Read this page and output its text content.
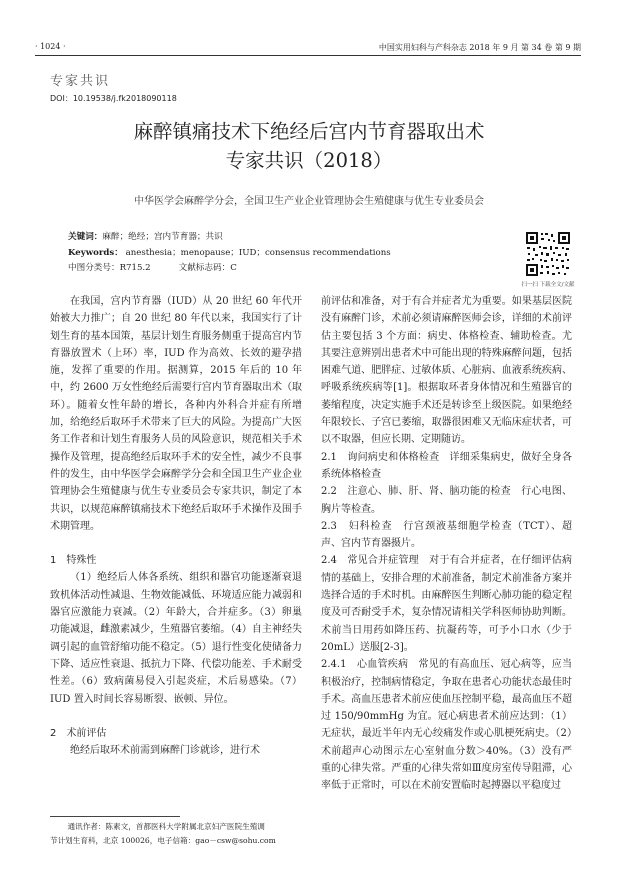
· 1024 ·	中国实用妇科与产科杂志 2018 年 9 月 第 34 卷 第 9 期
专家共识
DOI：10.19538/j.fk2018090118
麻醉镇痛技术下绝经后宫内节育器取出术
专家共识（2018）
中华医学会麻醉学分会，全国卫生产业企业管理协会生殖健康与优生专业委员会
关键词：麻醉；绝经；宫内节育器；共识
Keywords： anesthesia；menopause；IUD；consensus recommendations
中图分类号：R715.2	文献标志码：C
扫一扫 下载全文/文献

在我国，宫内节育器（IUD）从 20 世纪 60 年代开始被大力推广；自 20 世纪 80 年代以来，我国实行了计划生育的基本国策，基层计划生育服务侧重于提高宫内节育器放置术（上环）率，IUD 作为高效、长效的避孕措施，发挥了重要的作用。据测算，2015 年后的 10 年中，约 2600 万女性绝经后需要行宫内节育器取出术（取环）。随着女性年龄的增长，各种内外科合并症有所增加，给绝经后取环手术带来了巨大的风险。为提高广大医务工作者和计划生育服务人员的风险意识，规范相关手术操作及管理，提高绝经后取环手术的安全性，减少不良事件的发生，由中华医学会麻醉学分会和全国卫生产业企业管理协会生殖健康与优生专业委员会专家共识，制定了本共识，以规范麻醉镇痛技术下绝经后取环手术操作及围手术期管理。

1　特殊性

（1）绝经后人体各系统、组织和器官功能逐渐衰退致机体活动性减退、生物效能减低、环境适应能力减弱和器官应激能力衰减。（2）年龄大，合并症多。（3）卵巢功能减退，雌激素减少，生殖器官萎缩。（4）自主神经失调引起的血管舒缩功能不稳定。（5）退行性变化使储备力下降、适应性衰退、抵抗力下降、代偿功能差、手术耐受性差。（6）致病菌易侵入引起炎症，术后易感染。（7）IUD 置入时间长容易断裂、嵌顿、异位。

2　术前评估

绝经后取环术前需到麻醉门诊就诊，进行术

前评估和准备，对于有合并症者尤为重要。如果基层医院没有麻醉门诊，术前必须请麻醉医师会诊，详细的术前评估主要包括 3 个方面：病史、体格检查、辅助检查。尤其要注意辨别出患者术中可能出现的特殊麻醉问题，包括困难气道、肥胖症、过敏体质、心脏病、血液系统疾病、呼吸系统疾病等[1]。根据取环者身体情况和生殖器官的萎缩程度，决定实施手术还是转诊至上级医院。如果绝经年限较长、子宫已萎缩，取器很困难又无临床症状者，可以不取器，但应长期、定期随访。

2.1　询问病史和体格检查　详细采集病史，做好全身各系统体格检查

2.2　注意心、肺、肝、肾、脑功能的检查　行心电图、胸片等检查。

2.3　妇科检查　行宫颈液基细胞学检查（TCT）、超声、宫内节育器摄片。

2.4　常见合并症管理　对于有合并症者，在仔细评估病情的基础上，安排合理的术前准备，制定术前准备方案并选择合适的手术时机。由麻醉医生判断心肺功能的稳定程度及可否耐受手术，复杂情况请相关学科医师协助判断。术前当日用药如降压药、抗凝药等，可予小口水（少于 20mL）送服[2-3]。

2.4.1　心血管疾病　常见的有高血压、冠心病等，应当积极治疗，控制病情稳定，争取在患者心功能状态最佳时手术。高血压患者术前应使血压控制平稳，最高血压不超过 150/90mmHg 为宜。冠心病患者术前应达到：（1）无症状，最近半年内无心绞痛发作或心肌梗死病史。（2）术前超声心动图示左心室射血分数＞40%。（3）没有严重的心律失常。严重的心律失常如Ⅲ度房室传导阻滞，心率低于正常时，可以在术前安置临时起搏器以平稳度过

通讯作者：陈素文，首都医科大学附属北京妇产医院生殖调
节计划生育科，北京 100026，电子信箱：gao－csw@sohu.com
